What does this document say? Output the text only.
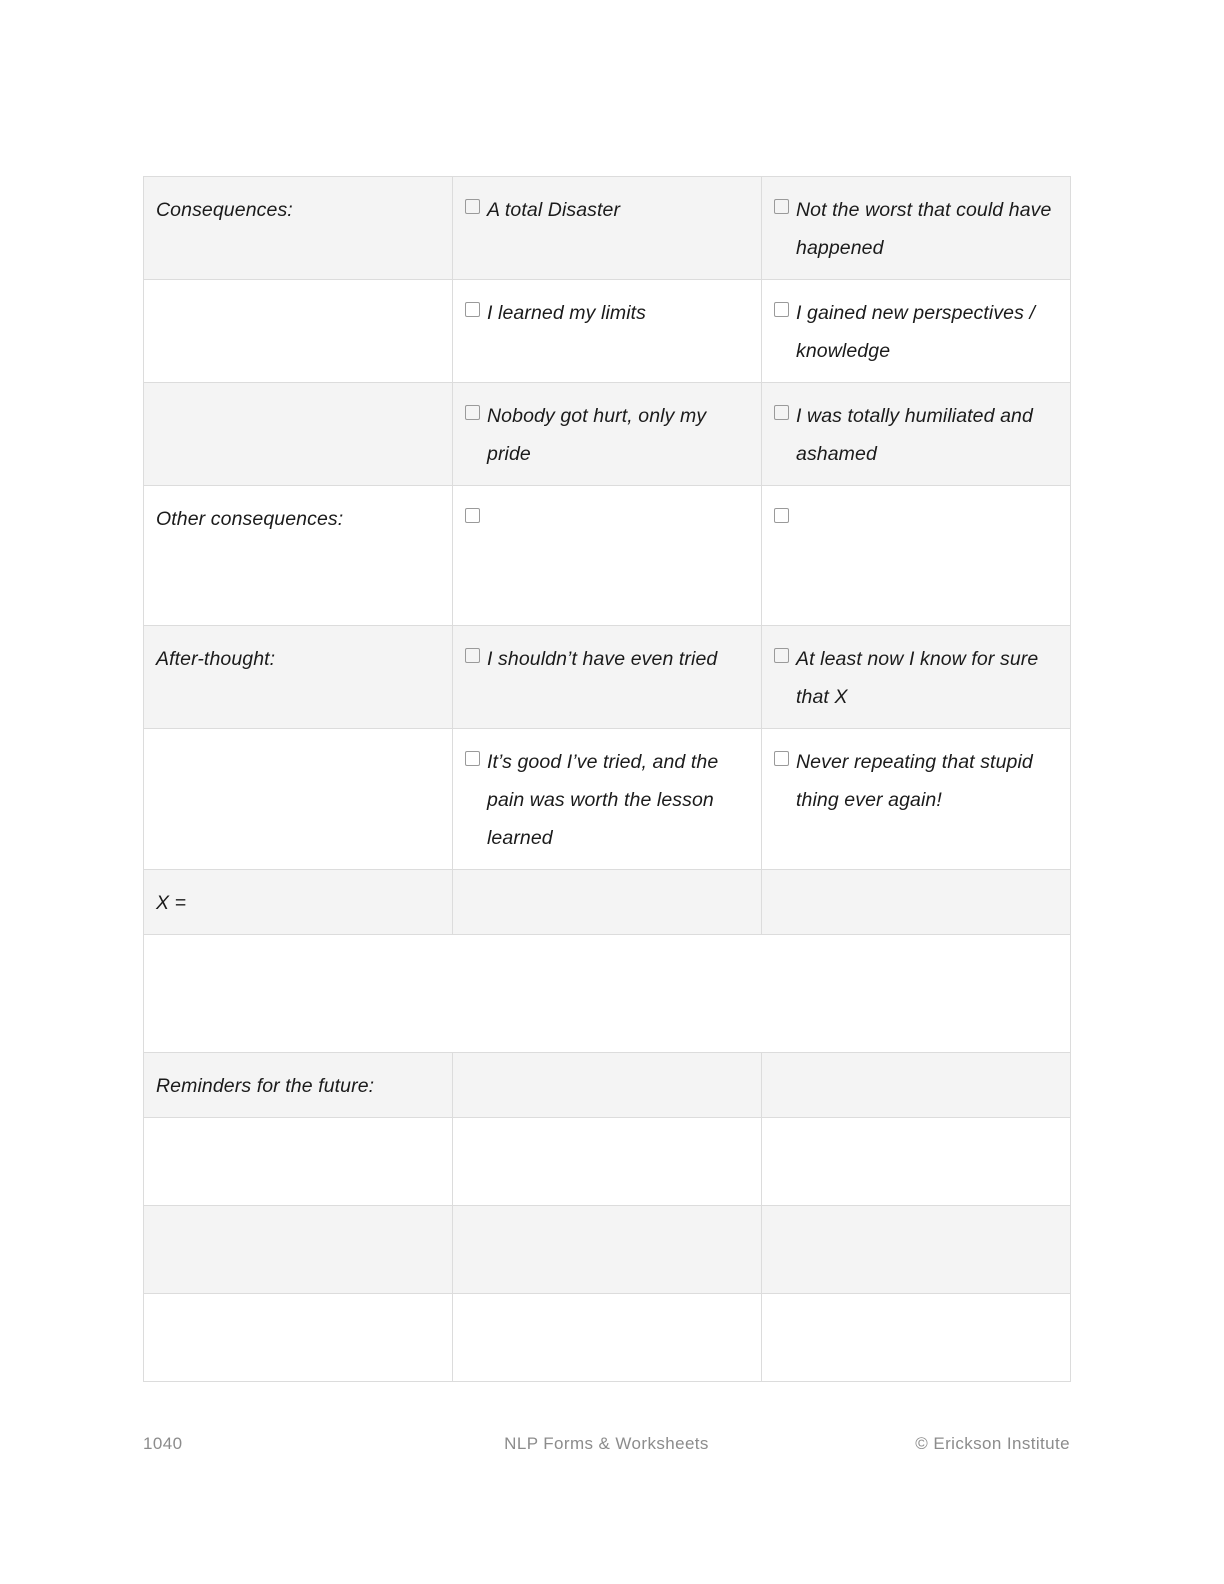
Consequences:	A total Disaster	Not the worst that could have happened

	I learned my limits	I gained new perspectives / knowledge

	Nobody got hurt, only my pride	I was totally humiliated and ashamed

Other consequences:	

After-thought:	I shouldn’t have even tried	At least now I know for sure that X

	It’s good I’ve tried, and the pain was worth the lesson learned	Never repeating that stupid thing ever again!

X =		

Reminders for the future:		

1040	NLP Forms & Worksheets	© Erickson Institute
